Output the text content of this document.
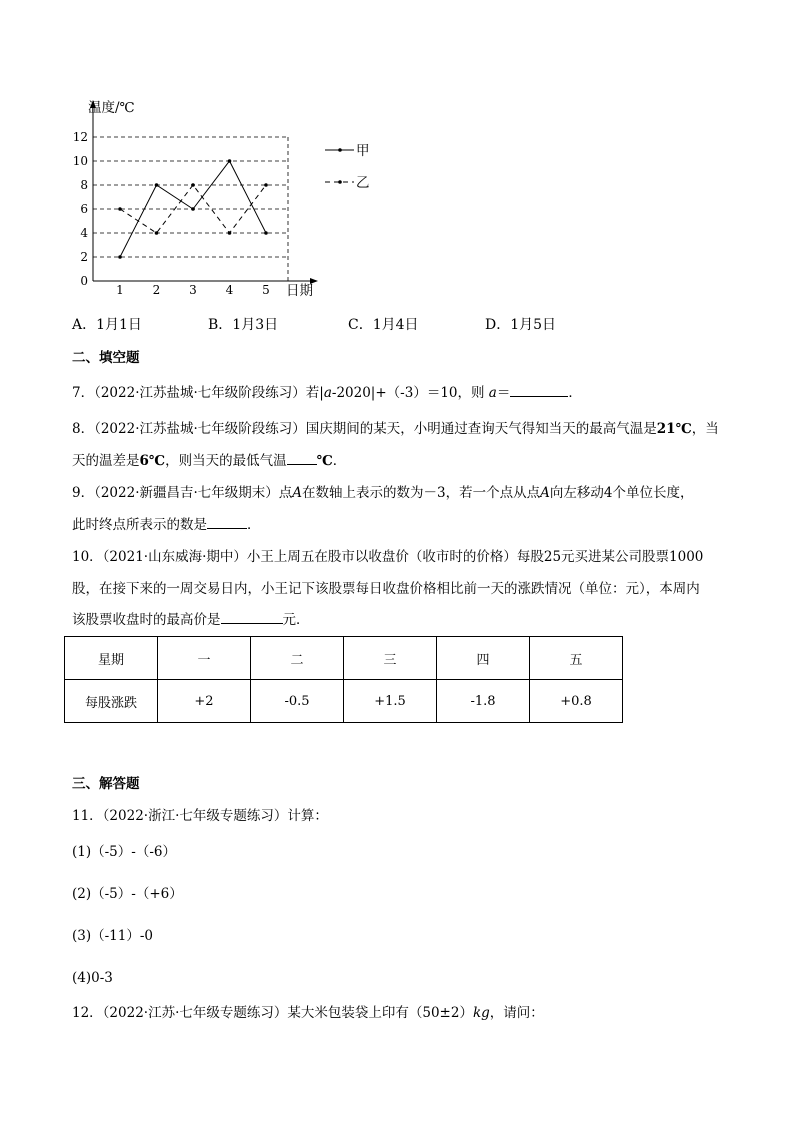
温度/℃
日期
0
2
4
6
8
10
12
1 2 3 4 5
甲
乙
A．1月1日	B．1月3日	C．1月4日	D．1月5日
二、填空题
7．（2022·江苏盐城·七年级阶段练习）若|a-2020|+（-3）＝10，则 a＝	．
8．（2022·江苏盐城·七年级阶段练习）国庆期间的某天，小明通过查询天气得知当天的最高气温是21℃，当
天的温差是6℃，则当天的最低气温 ℃．
9．（2022·新疆昌吉·七年级期末）点A在数轴上表示的数为－3，若一个点从点A向左移动4个单位长度，
此时终点所表示的数是	．
10．（2021·山东威海·期中）小王上周五在股市以收盘价（收市时的价格）每股25元买进某公司股票1000
股，在接下来的一周交易日内，小王记下该股票每日收盘价格相比前一天的涨跌情况（单位：元），本周内
该股票收盘时的最高价是	元．
星期	一	二	三	四	五
每股涨跌	+2	-0.5	+1.5	-1.8	+0.8
三、解答题
11．（2022·浙江·七年级专题练习）计算：
(1)（-5）-（-6）
(2)（-5）-（+6）
(3)（-11）-0
(4)0-3
12．（2022·江苏·七年级专题练习）某大米包装袋上印有（50±2）kg，请问：
